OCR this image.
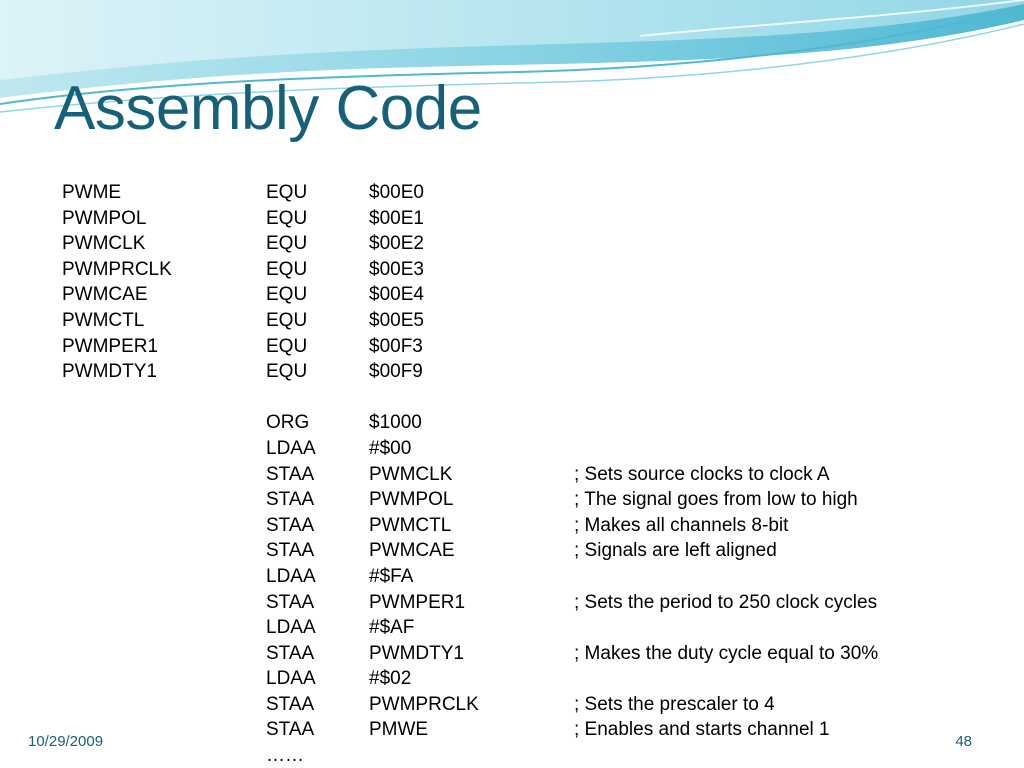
Assembly Code
PWME	EQU	$00E0
PWMPOL	EQU	$00E1
PWMCLK	EQU	$00E2
PWMPRCLK	EQU	$00E3
PWMCAE	EQU	$00E4
PWMCTL	EQU	$00E5
PWMPER1	EQU	$00F3
PWMDTY1	EQU	$00F9
ORG	$1000
LDAA	#$00
STAA	PWMCLK	; Sets source clocks to clock A
STAA	PWMPOL	; The signal goes from low to high
STAA	PWMCTL	; Makes all channels 8-bit
STAA	PWMCAE	; Signals are left aligned
LDAA	#$FA
STAA	PWMPER1	; Sets the period to 250 clock cycles
LDAA	#$AF
STAA	PWMDTY1	; Makes the duty cycle equal to 30%
LDAA	#$02
STAA	PWMPRCLK	; Sets the prescaler to 4
STAA	PMWE	; Enables and starts channel 1
……
10/29/2009	48
